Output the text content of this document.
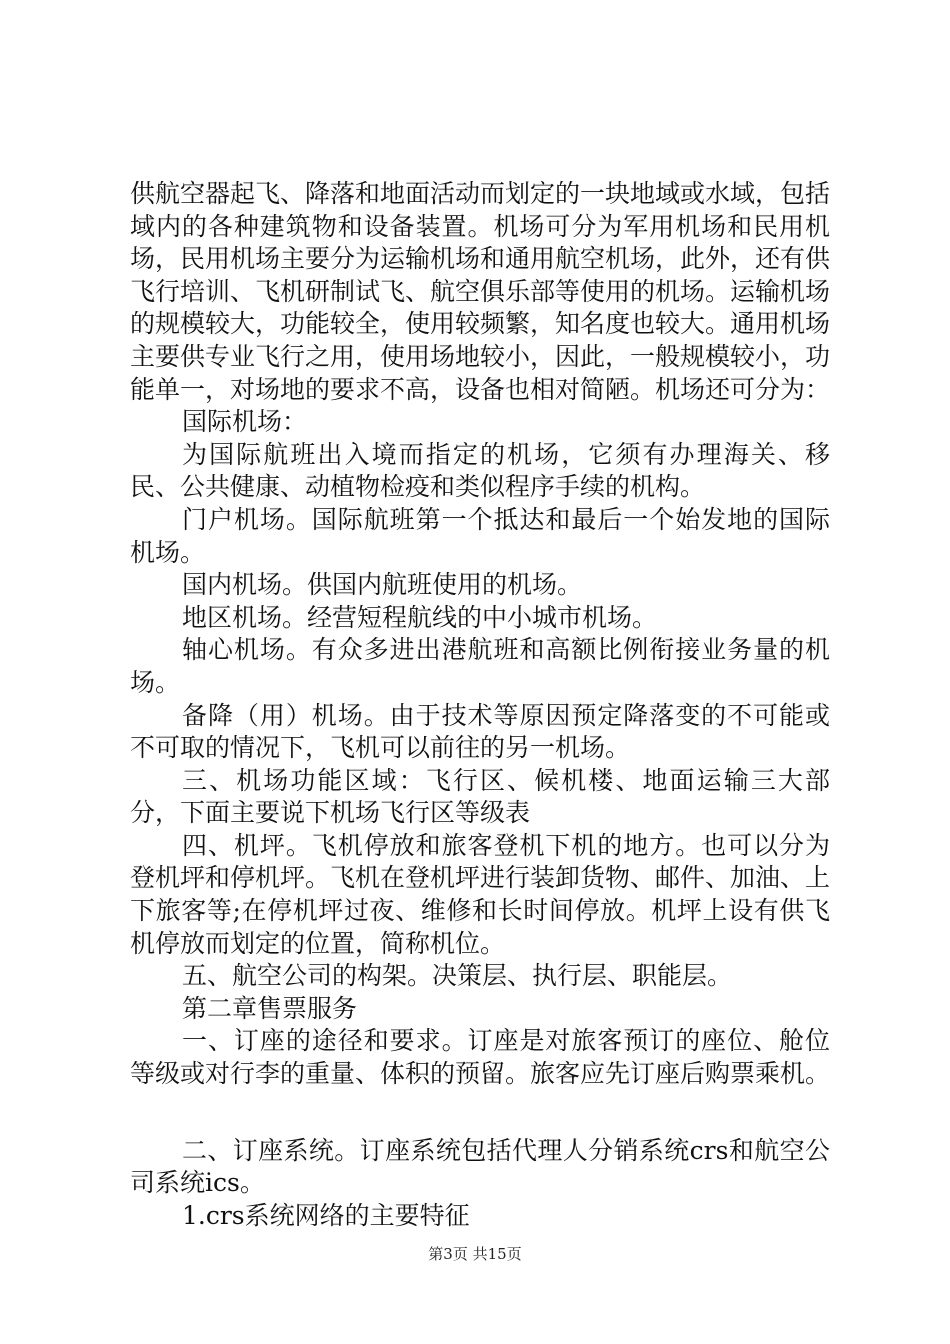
供航空器起飞、降落和地面活动而划定的一块地域或水域，包括域内的各种建筑物和设备装置。机场可分为军用机场和民用机场，民用机场主要分为运输机场和通用航空机场，此外，还有供飞行培训、飞机研制试飞、航空俱乐部等使用的机场。运输机场的规模较大，功能较全，使用较频繁，知名度也较大。通用机场主要供专业飞行之用，使用场地较小，因此，一般规模较小，功能单一，对场地的要求不高，设备也相对简陋。机场还可分为：

国际机场：

为国际航班出入境而指定的机场，它须有办理海关、移民、公共健康、动植物检疫和类似程序手续的机构。

门户机场。国际航班第一个抵达和最后一个始发地的国际机场。

国内机场。供国内航班使用的机场。

地区机场。经营短程航线的中小城市机场。

轴心机场。有众多进出港航班和高额比例衔接业务量的机场。

备降（用）机场。由于技术等原因预定降落变的不可能或不可取的情况下，飞机可以前往的另一机场。

三、机场功能区域：飞行区、候机楼、地面运输三大部分，下面主要说下机场飞行区等级表

四、机坪。飞机停放和旅客登机下机的地方。也可以分为登机坪和停机坪。飞机在登机坪进行装卸货物、邮件、加油、上下旅客等;在停机坪过夜、维修和长时间停放。机坪上设有供飞机停放而划定的位置，简称机位。

五、航空公司的构架。决策层、执行层、职能层。

第二章售票服务

一、订座的途径和要求。订座是对旅客预订的座位、舱位等级或对行李的重量、体积的预留。旅客应先订座后购票乘机。

二、订座系统。订座系统包括代理人分销系统crs和航空公司系统ics。

1.crs系统网络的主要特征

第3页 共15页
